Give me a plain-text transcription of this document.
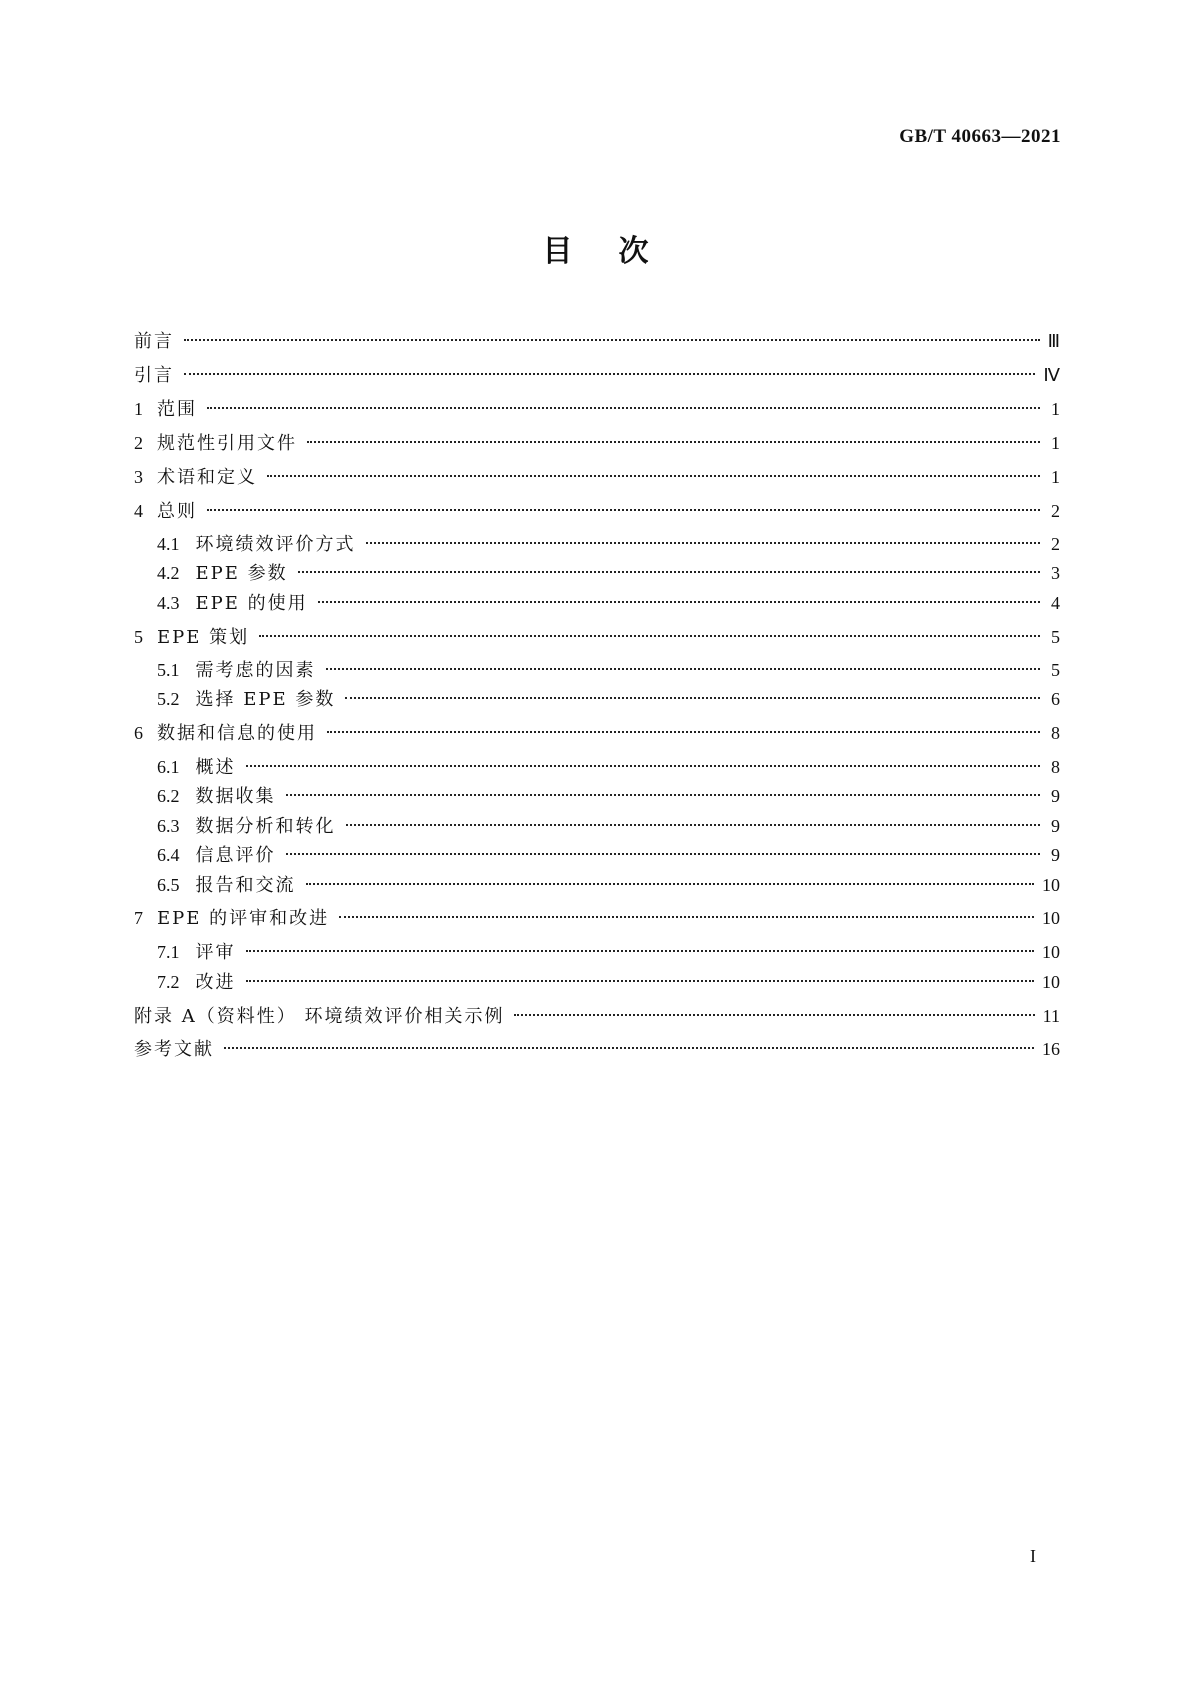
GB/T 40663—2021
目次
前言	Ⅲ
引言	Ⅳ
1 范围	1
2 规范性引用文件	1
3 术语和定义	1
4 总则	2
4.1 环境绩效评价方式	2
4.2 EPE 参数	3
4.3 EPE 的使用	4
5 EPE 策划	5
5.1 需考虑的因素	5
5.2 选择 EPE 参数	6
6 数据和信息的使用	8
6.1 概述	8
6.2 数据收集	9
6.3 数据分析和转化	9
6.4 信息评价	9
6.5 报告和交流	10
7 EPE 的评审和改进	10
7.1 评审	10
7.2 改进	10
附录 A（资料性） 环境绩效评价相关示例	11
参考文献	16
I
